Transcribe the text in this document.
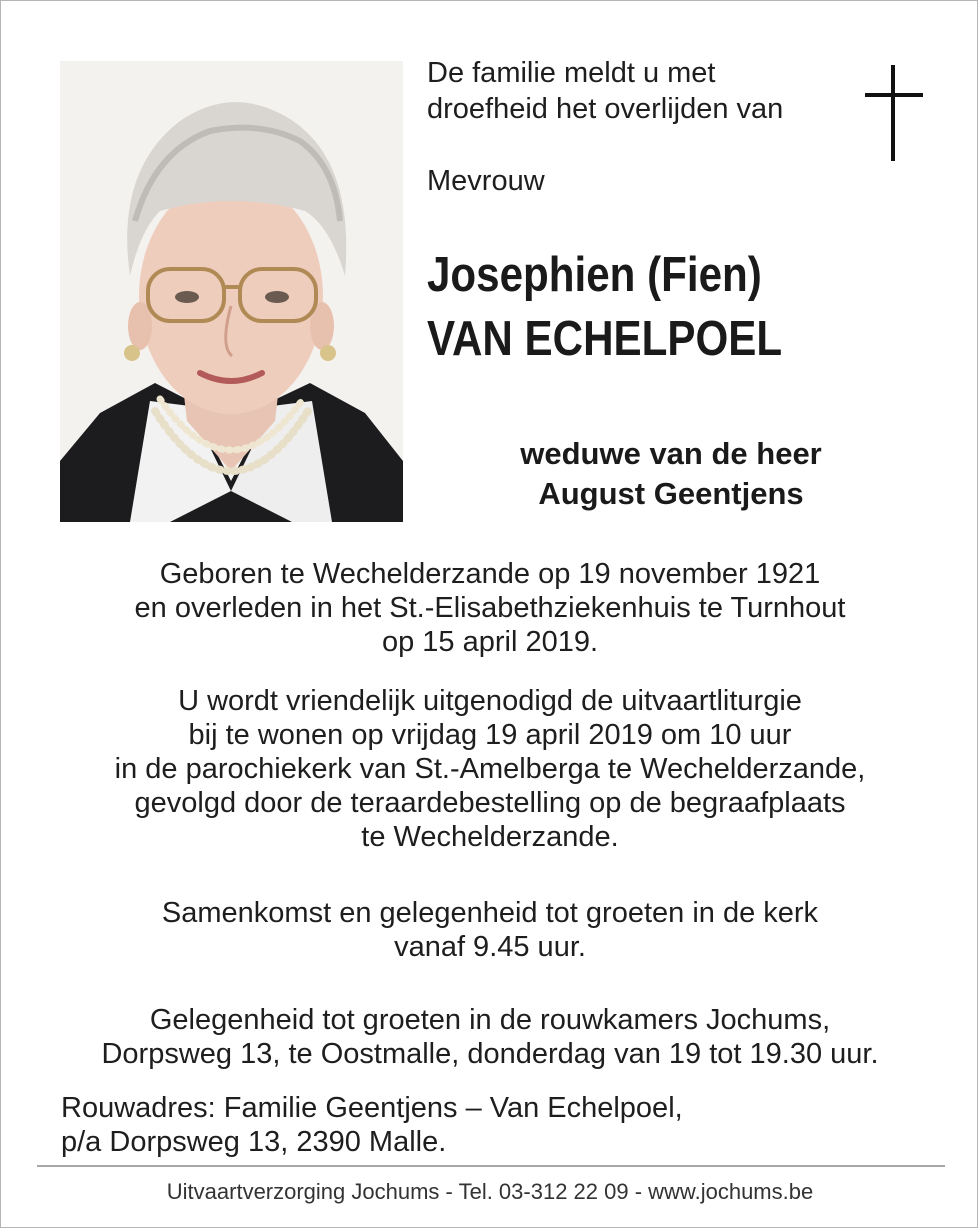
De familie meldt u met
droefheid het overlijden van
Mevrouw
Josephien (Fien)
VAN ECHELPOEL
weduwe van de heer
August Geentjens
Geboren te Wechelderzande op 19 november 1921
en overleden in het St.-Elisabethziekenhuis te Turnhout
op 15 april 2019.
U wordt vriendelijk uitgenodigd de uitvaartliturgie
bij te wonen op vrijdag 19 april 2019 om 10 uur
in de parochiekerk van St.-Amelberga te Wechelderzande,
gevolgd door de teraardebestelling op de begraafplaats
te Wechelderzande.
Samenkomst en gelegenheid tot groeten in de kerk
vanaf 9.45 uur.
Gelegenheid tot groeten in de rouwkamers Jochums,
Dorpsweg 13, te Oostmalle, donderdag van 19 tot 19.30 uur.
Rouwadres: Familie Geentjens – Van Echelpoel,
p/a Dorpsweg 13, 2390 Malle.
Uitvaartverzorging Jochums - Tel. 03-312 22 09 - www.jochums.be
